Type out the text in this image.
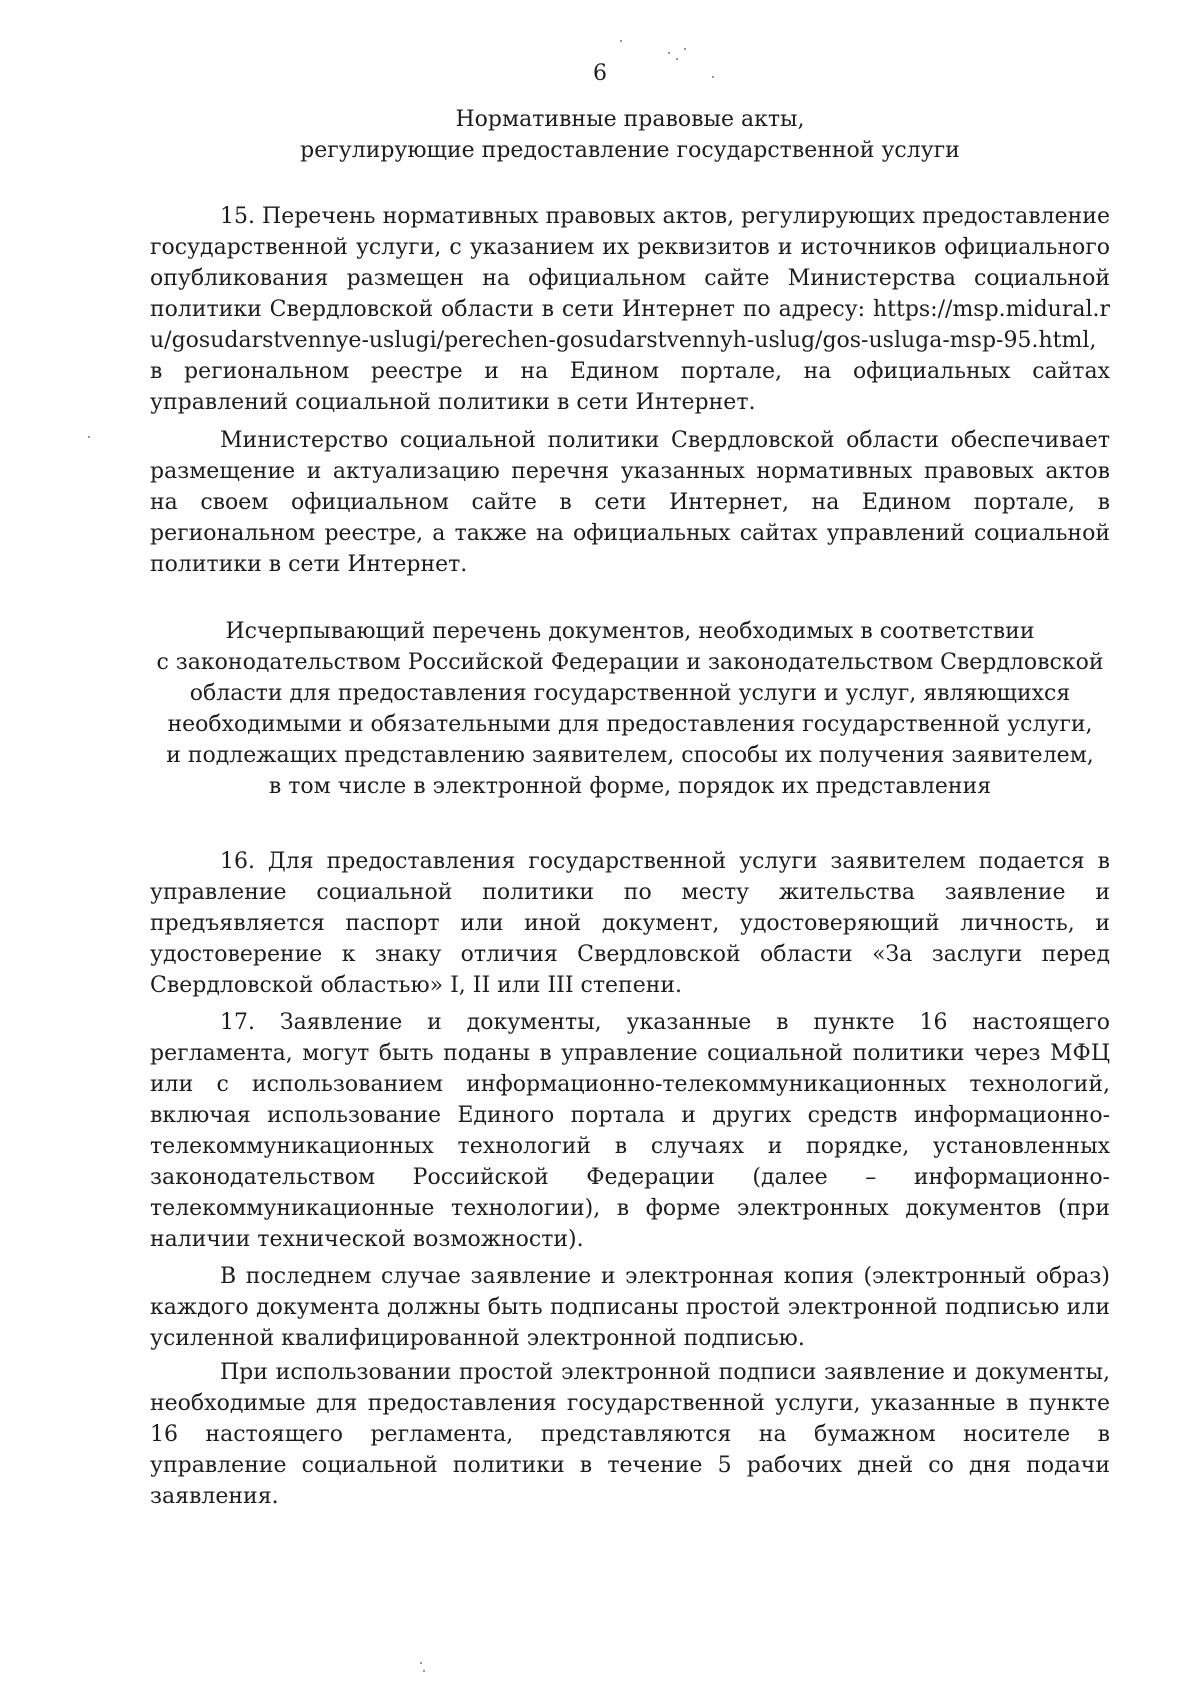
6
Нормативные правовые акты,
регулирующие предоставление государственной услуги

15. Перечень нормативных правовых актов, регулирующих предоставление государственной услуги, с указанием их реквизитов и источников официального опубликования размещен на официальном сайте Министерства социальной политики Свердловской области в сети Интернет по адресу: https://msp.midural.ru/gosudarstvennye-uslugi/perechen-gosudarstvennyh-uslug/gos-usluga-msp-95.html, в региональном реестре и на Едином портале, на официальных сайтах управлений социальной политики в сети Интернет.

Министерство социальной политики Свердловской области обеспечивает размещение и актуализацию перечня указанных нормативных правовых актов на своем официальном сайте в сети Интернет, на Едином портале, в региональном реестре, а также на официальных сайтах управлений социальной политики в сети Интернет.

Исчерпывающий перечень документов, необходимых в соответствии
с законодательством Российской Федерации и законодательством Свердловской
области для предоставления государственной услуги и услуг, являющихся
необходимыми и обязательными для предоставления государственной услуги,
и подлежащих представлению заявителем, способы их получения заявителем,
в том числе в электронной форме, порядок их представления

16. Для предоставления государственной услуги заявителем подается в управление социальной политики по месту жительства заявление и предъявляется паспорт или иной документ, удостоверяющий личность, и удостоверение к знаку отличия Свердловской области «За заслуги перед Свердловской областью» I, II или III степени.

17. Заявление и документы, указанные в пункте 16 настоящего регламента, могут быть поданы в управление социальной политики через МФЦ или с использованием информационно-телекоммуникационных технологий, включая использование Единого портала и других средств информационно-телекоммуникационных технологий в случаях и порядке, установленных законодательством Российской Федерации (далее – информационно-телекоммуникационные технологии), в форме электронных документов (при наличии технической возможности).

В последнем случае заявление и электронная копия (электронный образ) каждого документа должны быть подписаны простой электронной подписью или усиленной квалифицированной электронной подписью.

При использовании простой электронной подписи заявление и документы, необходимые для предоставления государственной услуги, указанные в пункте 16 настоящего регламента, представляются на бумажном носителе в управление социальной политики в течение 5 рабочих дней со дня подачи заявления.
